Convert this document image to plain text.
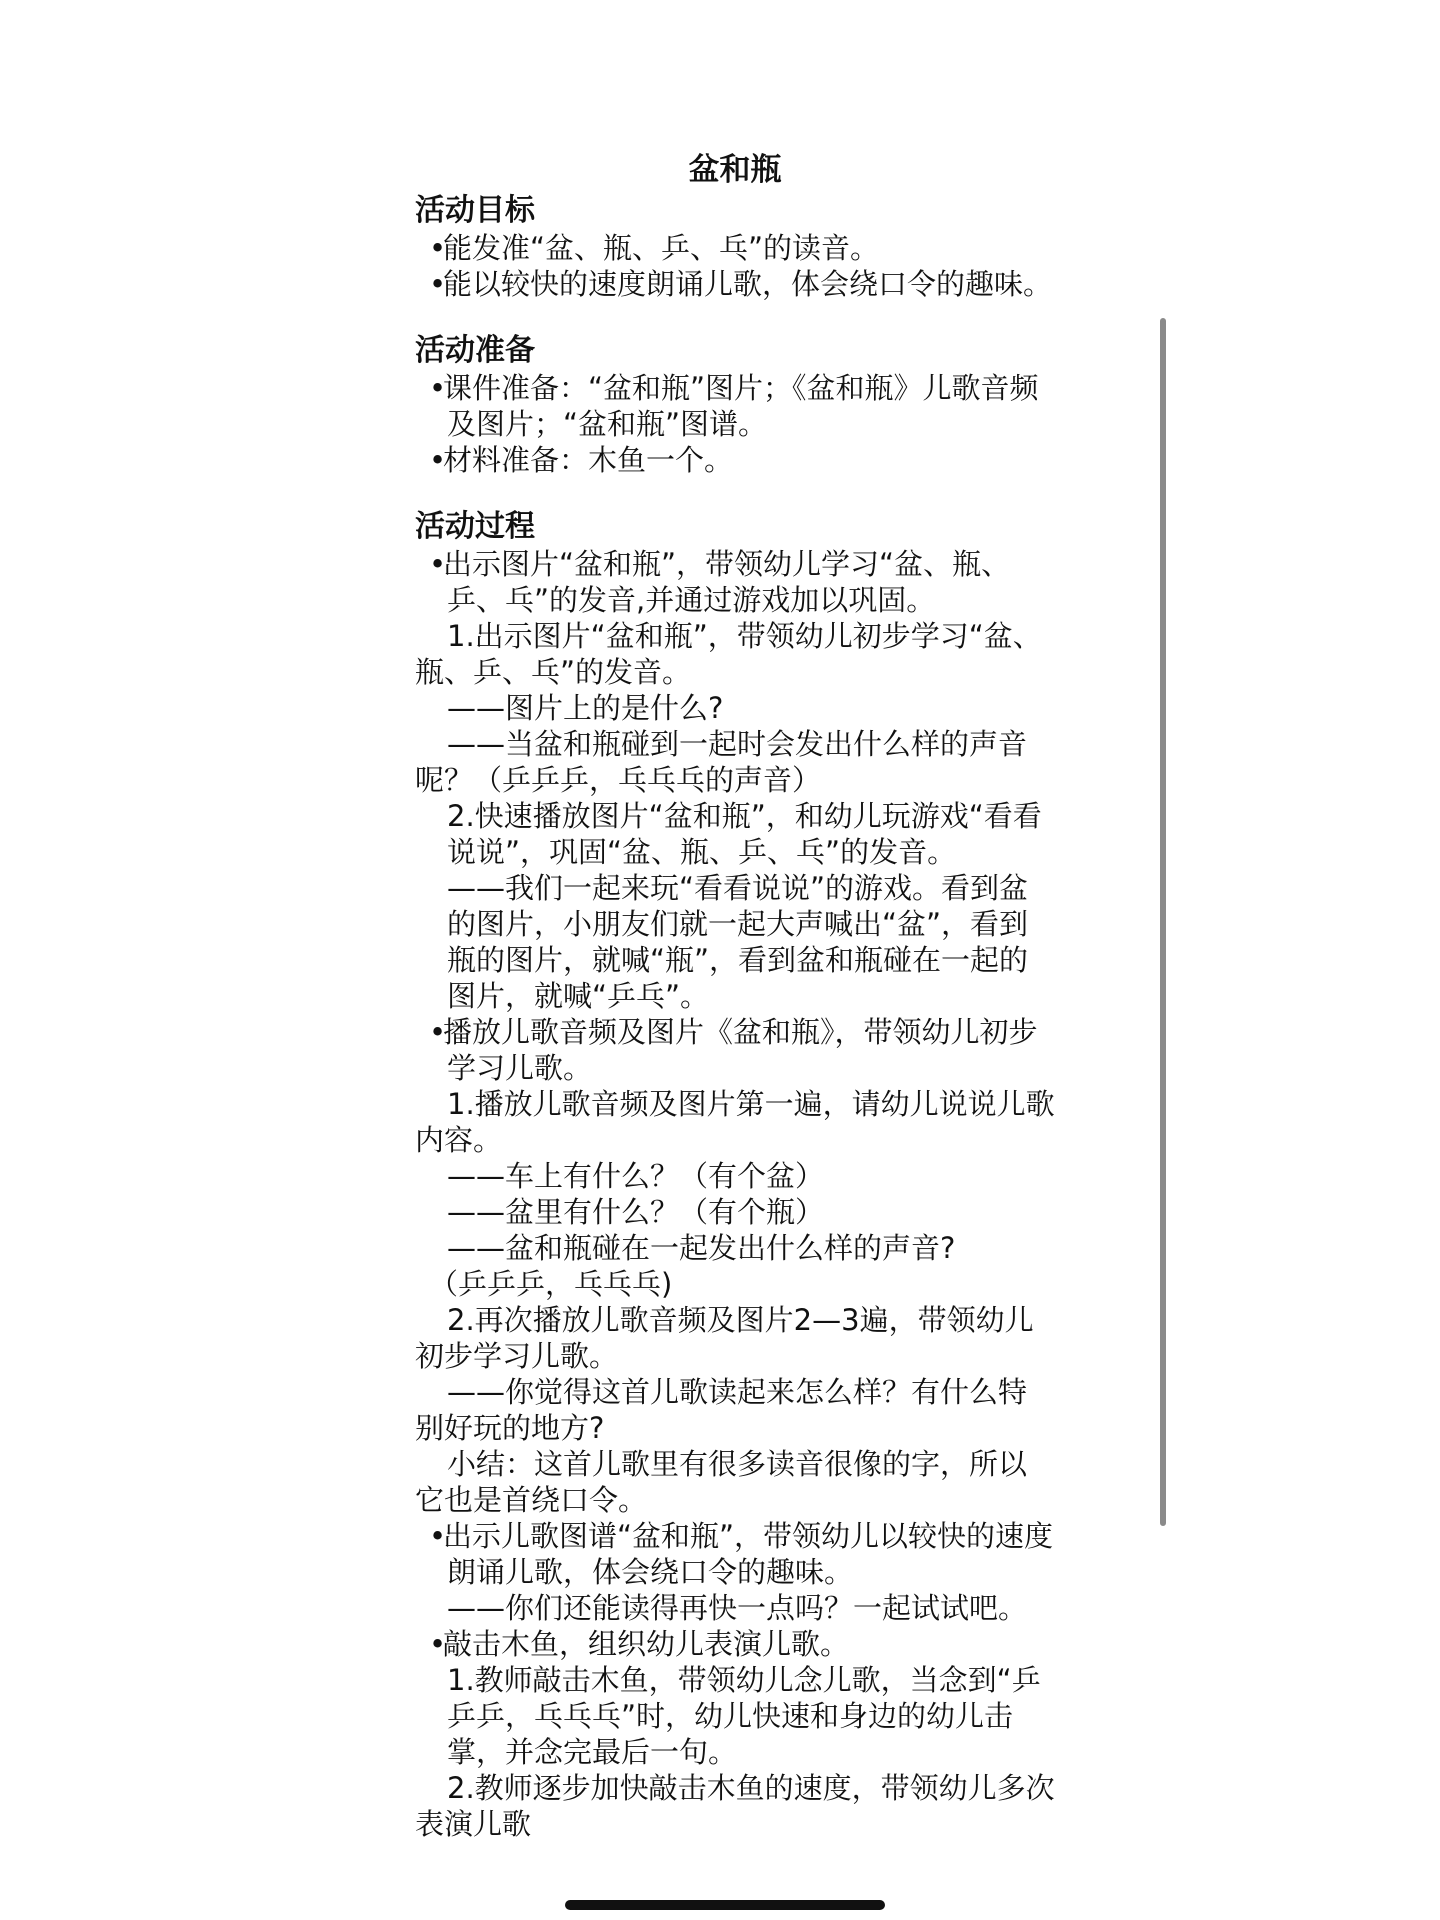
盆和瓶
活动目标
•能发准“盆、瓶、乒、乓”的读音。
•能以较快的速度朗诵儿歌，体会绕口令的趣味。
活动准备
•课件准备：“盆和瓶”图片；《盆和瓶》儿歌音频及图片；“盆和瓶”图谱。
•材料准备：木鱼一个。
活动过程
•出示图片“盆和瓶”，带领幼儿学习“盆、瓶、乒、乓”的发音,并通过游戏加以巩固。
1.出示图片“盆和瓶”，带领幼儿初步学习“盆、瓶、乒、乓”的发音。
——图片上的是什么?
——当盆和瓶碰到一起时会发出什么样的声音呢？（乒乒乒，乓乓乓的声音）
2.快速播放图片“盆和瓶”，和幼儿玩游戏“看看说说”，巩固“盆、瓶、乒、乓”的发音。
——我们一起来玩“看看说说”的游戏。看到盆的图片，小朋友们就一起大声喊出“盆”，看到瓶的图片，就喊“瓶”，看到盆和瓶碰在一起的图片，就喊“乒乓”。
•播放儿歌音频及图片《盆和瓶》，带领幼儿初步学习儿歌。
1.播放儿歌音频及图片第一遍，请幼儿说说儿歌内容。
——车上有什么？（有个盆）
——盆里有什么？（有个瓶）
——盆和瓶碰在一起发出什么样的声音?
（乒乒乒，乓乓乓)
2.再次播放儿歌音频及图片2—3遍，带领幼儿初步学习儿歌。
——你觉得这首儿歌读起来怎么样？有什么特别好玩的地方?
小结：这首儿歌里有很多读音很像的字，所以它也是首绕口令。
•出示儿歌图谱“盆和瓶”，带领幼儿以较快的速度朗诵儿歌，体会绕口令的趣味。
——你们还能读得再快一点吗？一起试试吧。
•敲击木鱼，组织幼儿表演儿歌。
1.教师敲击木鱼，带领幼儿念儿歌，当念到“乒乒乒，乓乓乓”时，幼儿快速和身边的幼儿击掌，并念完最后一句。
2.教师逐步加快敲击木鱼的速度，带领幼儿多次表演儿歌
